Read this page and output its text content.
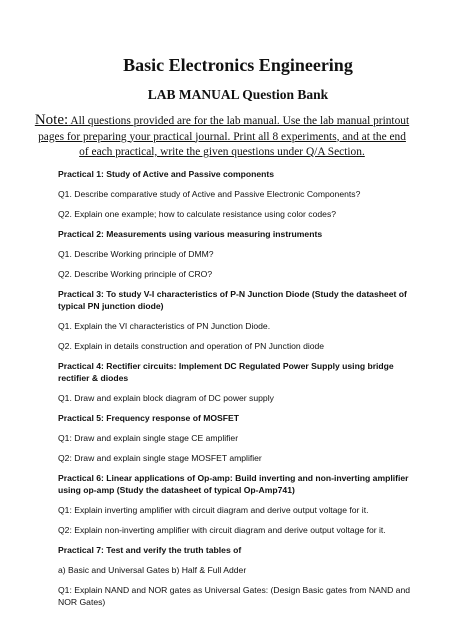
Basic Electronics Engineering
LAB MANUAL Question Bank

Note: All questions provided are for the lab manual. Use the lab manual printout pages for preparing your practical journal. Print all 8 experiments, and at the end of each practical, write the given questions under Q/A Section.

Practical 1: Study of Active and Passive components

Q1. Describe comparative study of Active and Passive Electronic Components?

Q2. Explain one example; how to calculate resistance using color codes?

Practical 2: Measurements using various measuring instruments

Q1. Describe Working principle of DMM?

Q2. Describe Working principle of CRO?

Practical 3: To study V-I characteristics of P-N Junction Diode (Study the datasheet of typical PN junction diode)

Q1. Explain the VI characteristics of PN Junction Diode.

Q2. Explain in details construction and operation of PN Junction diode

Practical 4: Rectifier circuits: Implement DC Regulated Power Supply using bridge rectifier & diodes

Q1. Draw and explain block diagram of DC power supply

Practical 5: Frequency response of MOSFET

Q1: Draw and explain single stage CE amplifier

Q2: Draw and explain single stage MOSFET amplifier

Practical 6: Linear applications of Op-amp: Build inverting and non-inverting amplifier using op-amp (Study the datasheet of typical Op-Amp741)

Q1: Explain inverting amplifier with circuit diagram and derive output voltage for it.

Q2: Explain non-inverting amplifier with circuit diagram and derive output voltage for it.

Practical 7: Test and verify the truth tables of

a) Basic and Universal Gates b) Half & Full Adder

Q1: Explain NAND and NOR gates as Universal Gates: (Design Basic gates from NAND and NOR Gates)
